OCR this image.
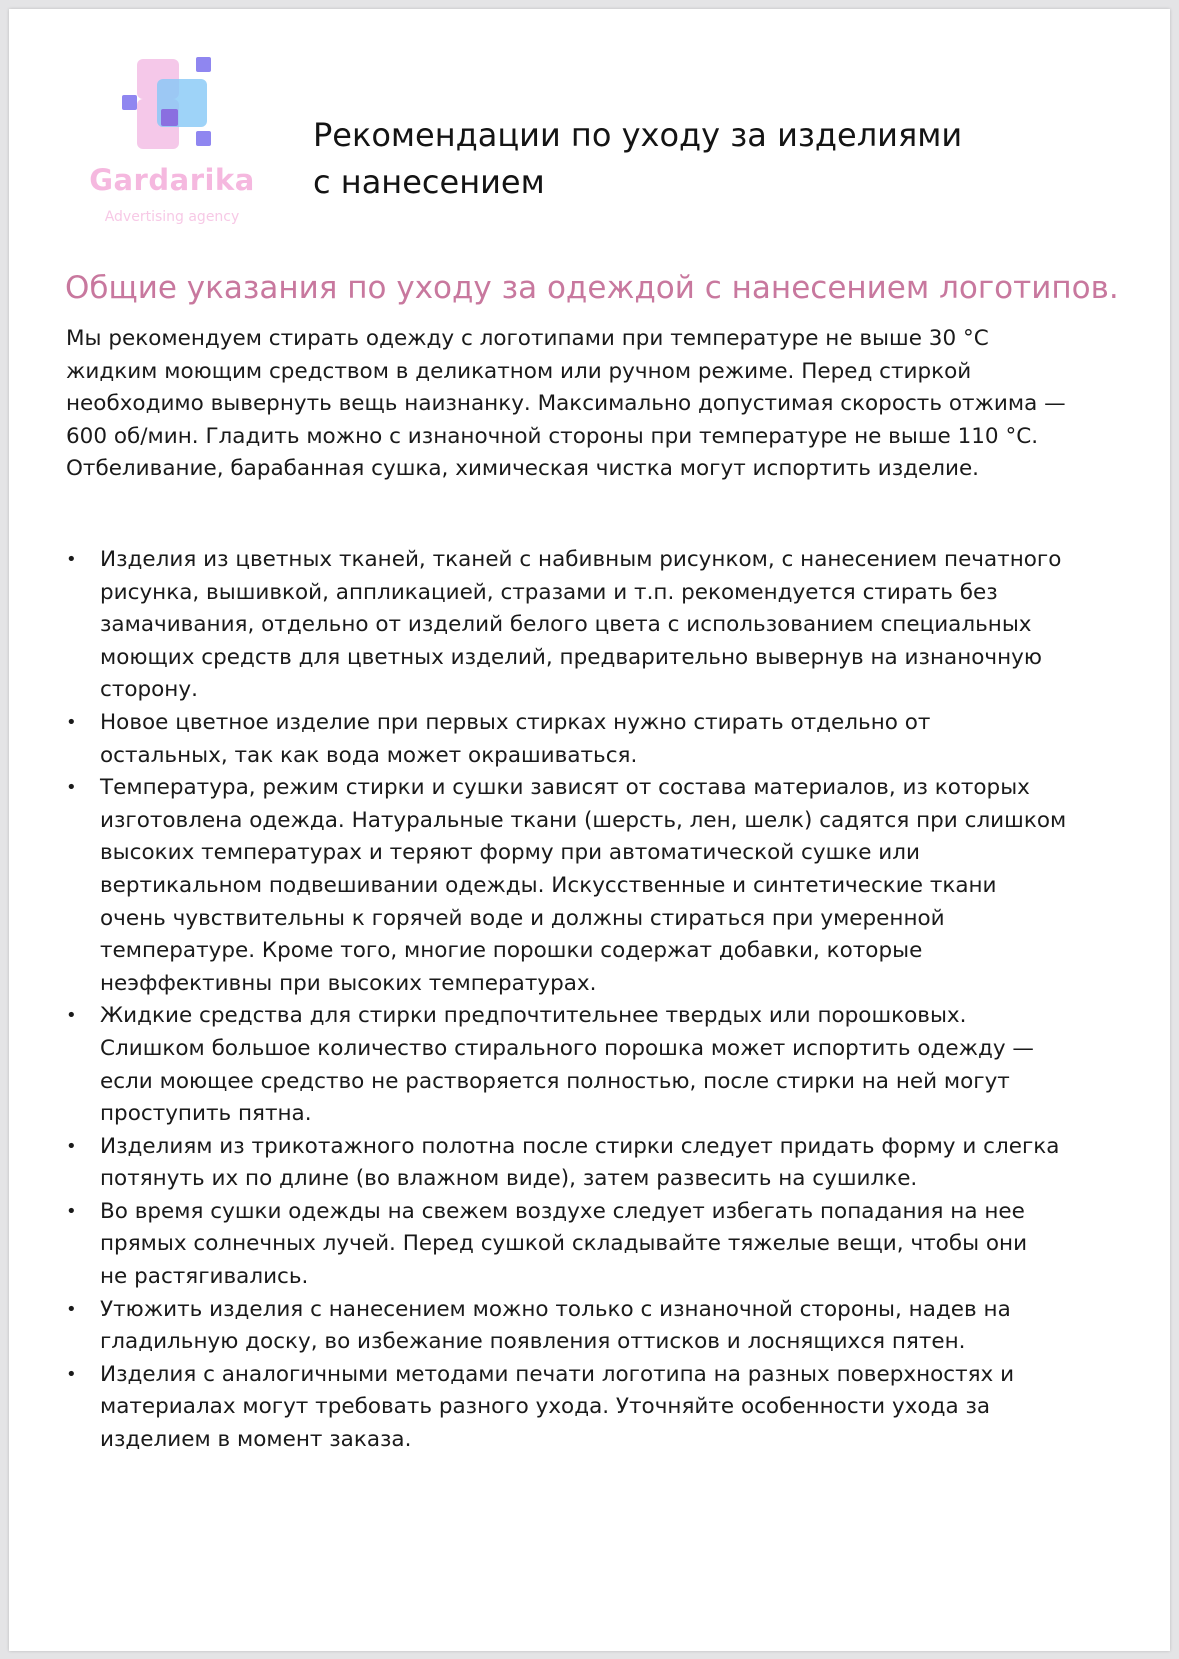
Gardarika
Advertising agency
Рекомендации по уходу за изделиями
с нанесением
Общие указания по уходу за одеждой с нанесением логотипов.

Мы рекомендуем стирать одежду с логотипами при температуре не выше 30 °C
жидким моющим средством в деликатном или ручном режиме. Перед стиркой
необходимо вывернуть вещь наизнанку. Максимально допустимая скорость отжима —
600 об/мин. Гладить можно с изнаночной стороны при температуре не выше 110 °C.
Отбеливание, барабанная сушка, химическая чистка могут испортить изделие.

• Изделия из цветных тканей, тканей с набивным рисунком, с нанесением печатного
рисунка, вышивкой, аппликацией, стразами и т.п. рекомендуется стирать без
замачивания, отдельно от изделий белого цвета с использованием специальных
моющих средств для цветных изделий, предварительно вывернув на изнаночную
сторону.
• Новое цветное изделие при первых стирках нужно стирать отдельно от
остальных, так как вода может окрашиваться.
• Температура, режим стирки и сушки зависят от состава материалов, из которых
изготовлена одежда. Натуральные ткани (шерсть, лен, шелк) садятся при слишком
высоких температурах и теряют форму при автоматической сушке или
вертикальном подвешивании одежды. Искусственные и синтетические ткани
очень чувствительны к горячей воде и должны стираться при умеренной
температуре. Кроме того, многие порошки содержат добавки, которые
неэффективны при высоких температурах.
• Жидкие средства для стирки предпочтительнее твердых или порошковых.
Слишком большое количество стирального порошка может испортить одежду —
если моющее средство не растворяется полностью, после стирки на ней могут
проступить пятна.
• Изделиям из трикотажного полотна после стирки следует придать форму и слегка
потянуть их по длине (во влажном виде), затем развесить на сушилке.
• Во время сушки одежды на свежем воздухе следует избегать попадания на нее
прямых солнечных лучей. Перед сушкой складывайте тяжелые вещи, чтобы они
не растягивались.
• Утюжить изделия с нанесением можно только с изнаночной стороны, надев на
гладильную доску, во избежание появления оттисков и лоснящихся пятен.
• Изделия с аналогичными методами печати логотипа на разных поверхностях и
материалах могут требовать разного ухода. Уточняйте особенности ухода за
изделием в момент заказа.
